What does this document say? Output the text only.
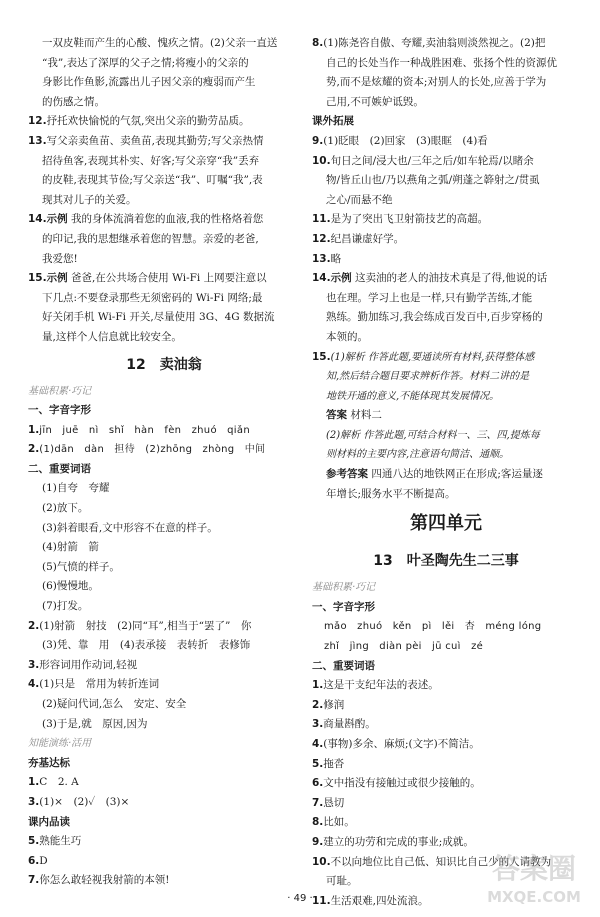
一双皮鞋而产生的心酸、愧疚之情。(2)父亲一直送
“我”,表达了深厚的父子之情;将瘦小的父亲的
身影比作鱼影,流露出儿子因父亲的瘦弱而产生
的伤感之情。
12.抒托欢快愉悦的气氛,突出父亲的勤劳品质。
13.写父亲卖鱼苗、卖鱼苗,表现其勤劳;写父亲热情
招待鱼客,表现其朴实、好客;写父亲穿“我”丢弃
的皮鞋,表现其节俭;写父亲送“我”、叮嘱“我”,表
现其对儿子的关爱。
14.示例 我的身体流淌着您的血液,我的性格烙着您
的印记,我的思想继承着您的智慧。亲爱的老爸,
我爱您!
15.示例 爸爸,在公共场合使用 Wi-Fi 上网要注意以
下几点:不要登录那些无须密码的 Wi-Fi 网络;最
好关闭手机 Wi-Fi 开关,尽量使用 3G、4G 数据流
量,这样个人信息就比较安全。
12　卖油翁
基础积累·巧记
一、字音字形
1.jīn　juē　nì　shǐ　hàn　fèn　zhuó　qiǎn
2.(1)dān　dàn　担待　(2)zhōng　zhòng　中间
二、重要词语
(1)自夸　夸耀
(2)放下。
(3)斜着眼看,文中形容不在意的样子。
(4)射箭　箭
(5)气愤的样子。
(6)慢慢地。
(7)打发。
2.(1)射箭　射技　(2)同“耳”,相当于“罢了”　你
(3)凭、靠　用　(4)表承接　表转折　表修饰
3.形容词用作动词,轻视
4.(1)只是　常用为转折连词
(2)疑问代词,怎么　安定、安全
(3)于是,就　原因,因为
知能演练·活用
夯基达标
1.C　2. A
3.(1)×　(2)✓　(3)×
课内品读
5.熟能生巧
6.D
7.你怎么敢轻视我射箭的本领!
8.(1)陈尧咨自傲、夸耀,卖油翁则淡然视之。(2)把
自己的长处当作一种战胜困难、张扬个性的资源优
势,而不是炫耀的资本;对别人的长处,应善于学为
己用,不可嫉妒诋毁。
课外拓展
9.(1)眨眼　(2)回家　(3)眼眶　(4)看
10.旬日之间/浸大也/三年之后/如车轮焉/以睹余
物/皆丘山也/乃以燕角之弧/朔蓬之簳射之/贯虱
之心/而悬不绝
11.是为了突出飞卫射箭技艺的高超。
12.纪昌谦虚好学。
13.略
14.示例 这卖油的老人的油技术真是了得,他说的话
也在理。学习上也是一样,只有勤学苦练,才能
熟练。勤加练习,我会练成百发百中,百步穿杨的
本领的。
15.(1)解析 作答此题,要通读所有材料,获得整体感
知,然后结合题目要求辨析作答。材料二讲的是
地铁开通的意义,不能体现其发展情况。
答案 材料二
(2)解析 作答此题,可结合材料一、三、四,提炼每
则材料的主要内容,注意语句简洁、通顺。
参考答案 四通八达的地铁网正在形成;客运量逐
年增长;服务水平不断提高。
第四单元
13　叶圣陶先生二三事
基础积累·巧记
一、字音字形
mǎo　zhuó　kěn　pì　lěi　杏　méng lóng
zhǐ　jìng　diàn pèi　jū cuì　zé
二、重要词语
1.这是干支纪年法的表述。
2.修润
3.商量斟酌。
4.(事物)多余、麻烦;(文字)不简洁。
5.拖沓
6.文中指没有接触过或很少接触的。
7.恳切
8.比如。
9.建立的功劳和完成的事业;成就。
10.不以向地位比自己低、知识比自己少的人请教为
可耻。
11.生活艰难,四处流浪。
· 49 ·
答案圈
MXQE.COM
